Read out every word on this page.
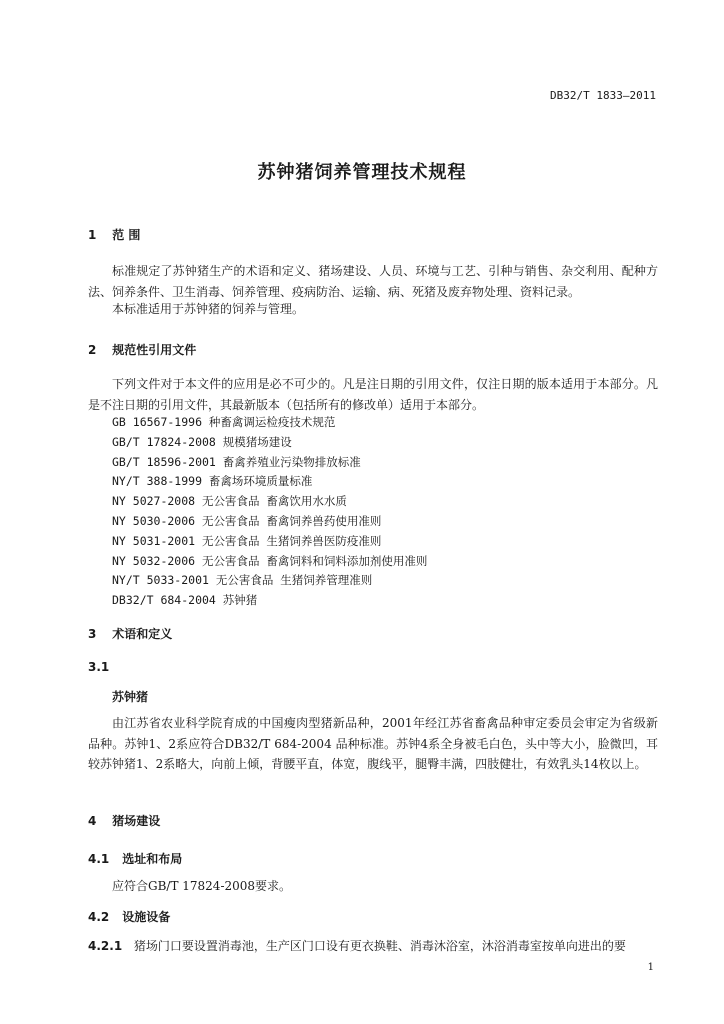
DB32/T 1833—2011
苏钟猪饲养管理技术规程
1 范 围
标准规定了苏钟猪生产的术语和定义、猪场建设、人员、环境与工艺、引种与销售、杂交利用、配种方法、饲养条件、卫生消毒、饲养管理、疫病防治、运输、病、死猪及废弃物处理、资料记录。
本标准适用于苏钟猪的饲养与管理。
2 规范性引用文件
下列文件对于本文件的应用是必不可少的。凡是注日期的引用文件，仅注日期的版本适用于本部分。凡是不注日期的引用文件，其最新版本（包括所有的修改单）适用于本部分。
GB 16567-1996 种畜禽调运检疫技术规范
GB/T 17824-2008 规模猪场建设
GB/T 18596-2001 畜禽养殖业污染物排放标准
NY/T 388-1999 畜禽场环境质量标准
NY 5027-2008 无公害食品 畜禽饮用水水质
NY 5030-2006 无公害食品 畜禽饲养兽药使用准则
NY 5031-2001 无公害食品 生猪饲养兽医防疫准则
NY 5032-2006 无公害食品 畜禽饲料和饲料添加剂使用准则
NY/T 5033-2001 无公害食品 生猪饲养管理准则
DB32/T 684-2004 苏钟猪
3 术语和定义
3.1
苏钟猪
由江苏省农业科学院育成的中国瘦肉型猪新品种，2001年经江苏省畜禽品种审定委员会审定为省级新品种。苏钟1、2系应符合DB32/T 684-2004 品种标准。苏钟4系全身被毛白色，头中等大小，脸微凹，耳较苏钟猪1、2系略大，向前上倾，背腰平直，体宽，腹线平，腿臀丰满，四肢健壮，有效乳头14枚以上。
4 猪场建设
4.1 选址和布局
应符合GB/T 17824-2008要求。
4.2 设施设备
4.2.1 猪场门口要设置消毒池，生产区门口设有更衣换鞋、消毒沐浴室，沐浴消毒室按单向进出的要
1
